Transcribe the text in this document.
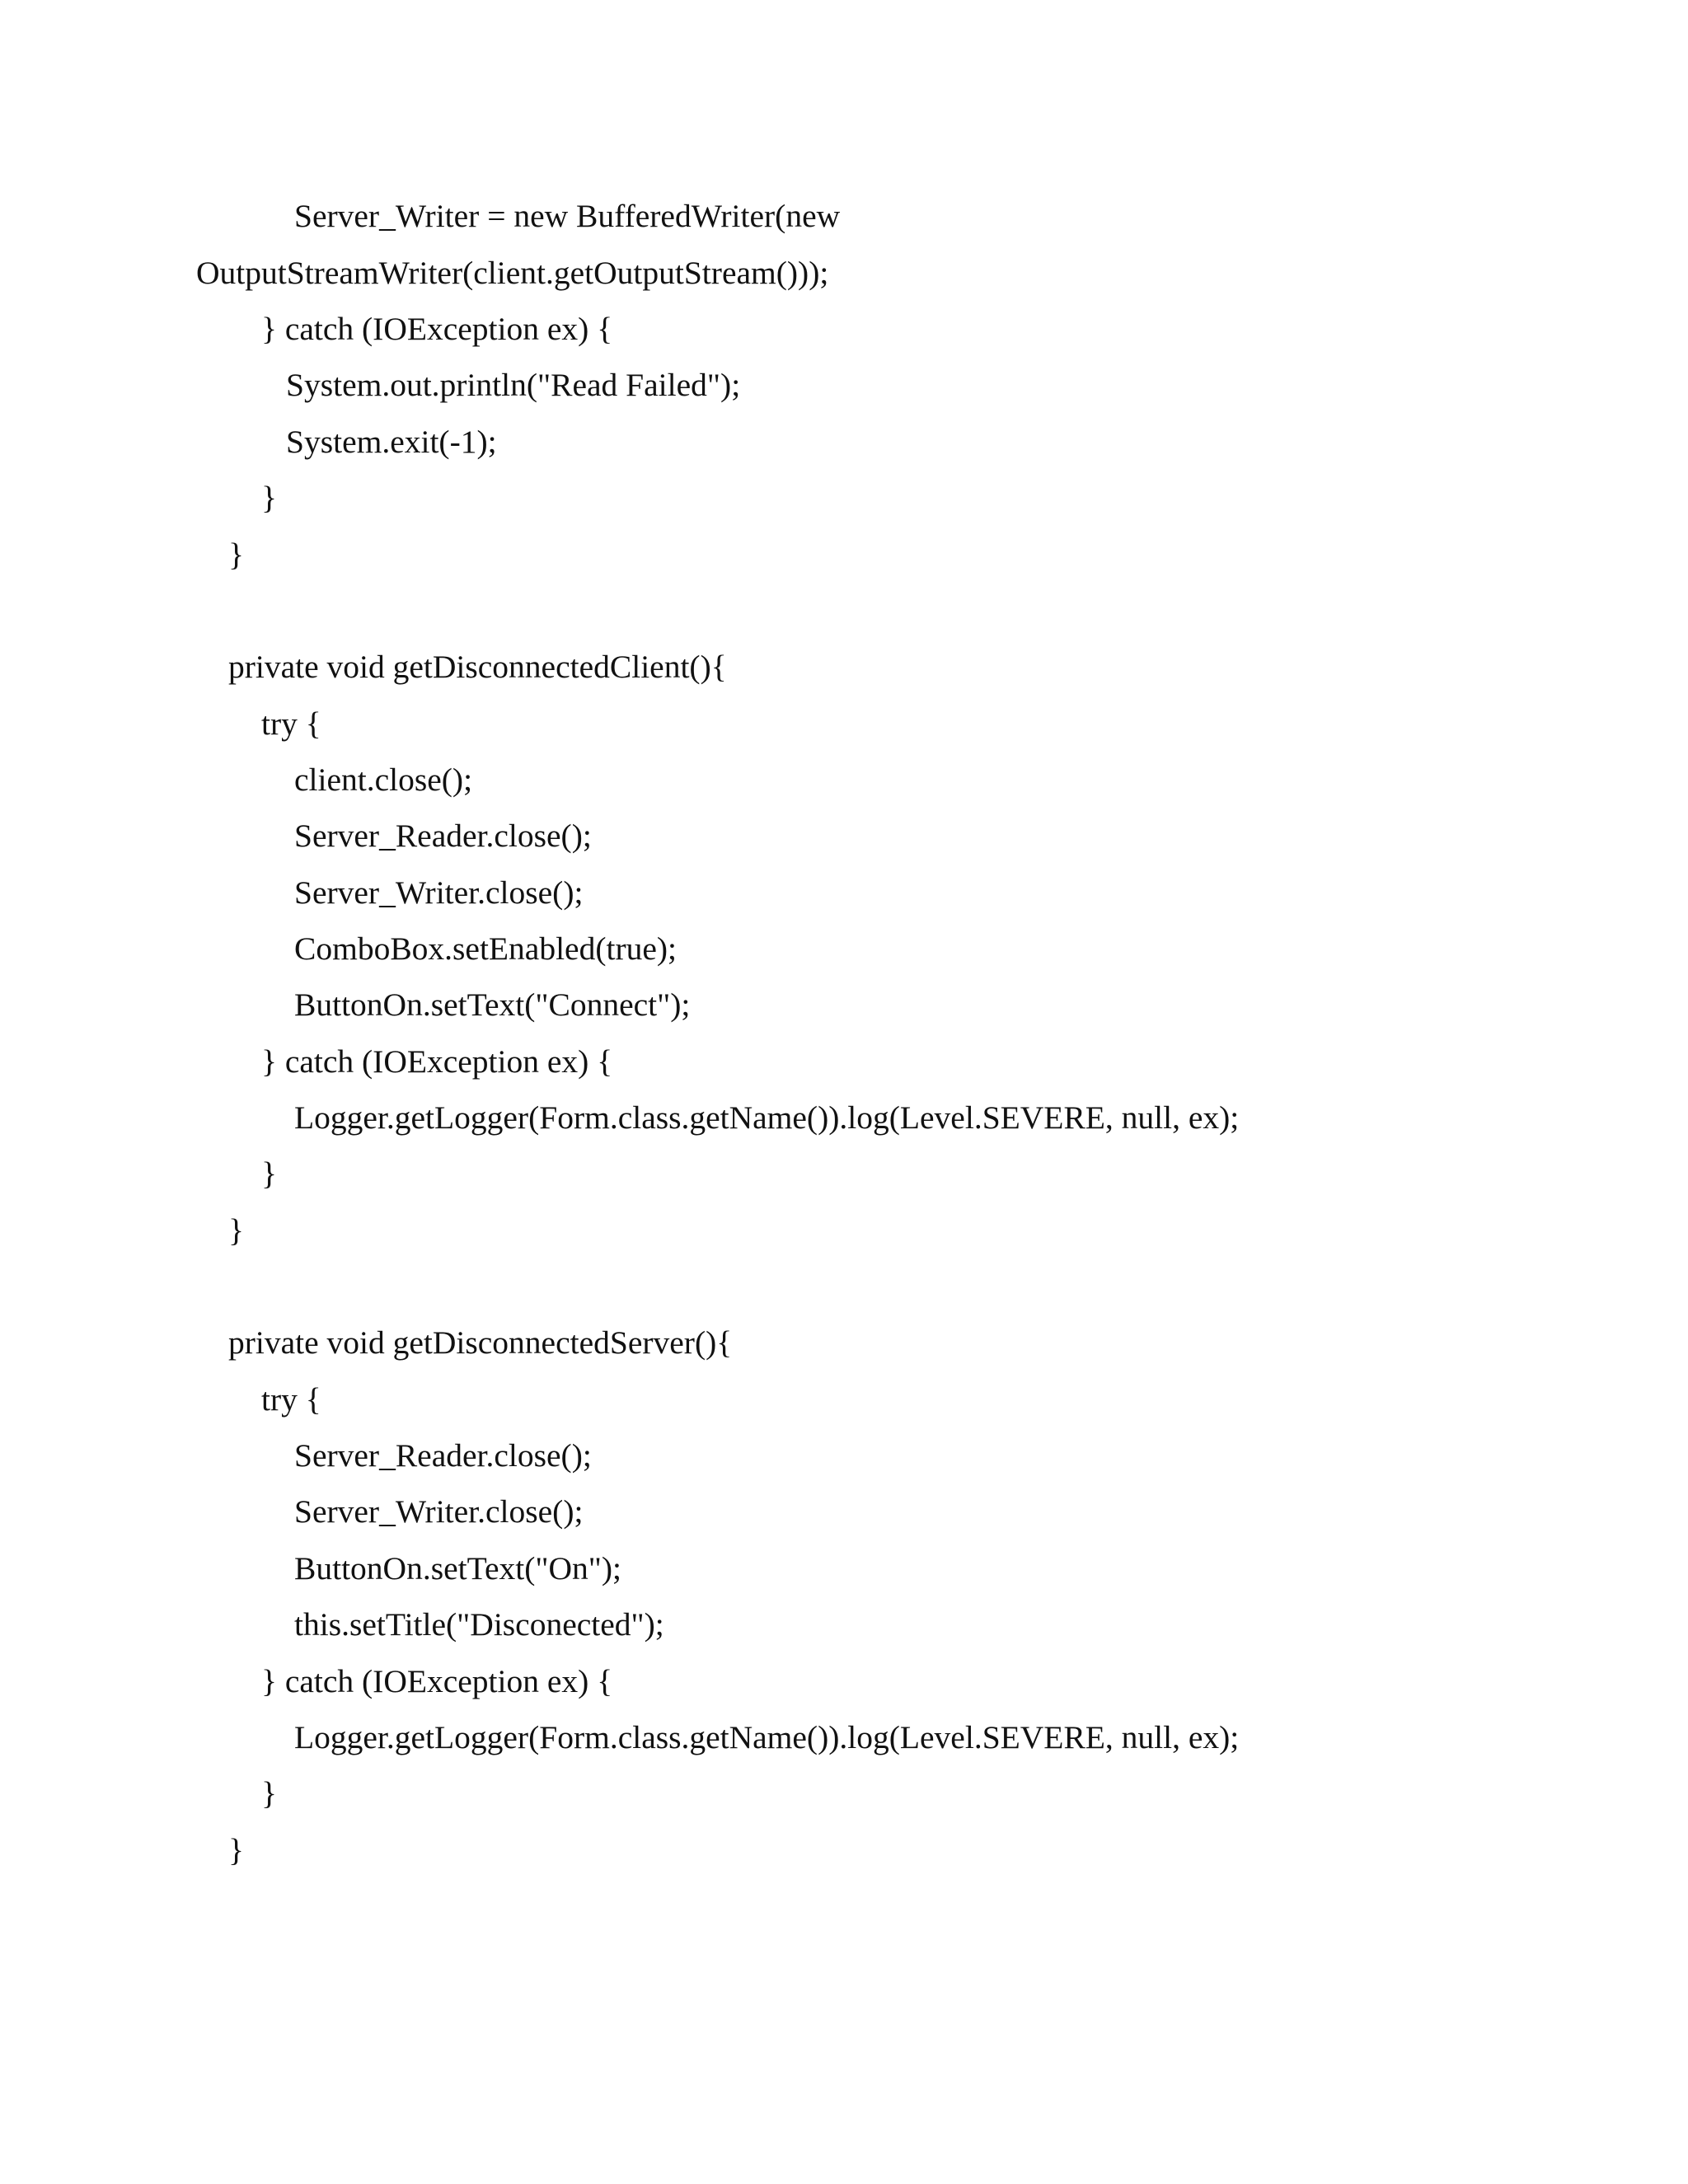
Server_Writer = new BufferedWriter(new
OutputStreamWriter(client.getOutputStream()));
} catch (IOException ex) {
System.out.println("Read Failed");
System.exit(-1);
}
}
private void getDisconnectedClient(){
try {
client.close();
Server_Reader.close();
Server_Writer.close();
ComboBox.setEnabled(true);
ButtonOn.setText("Connect");
} catch (IOException ex) {
Logger.getLogger(Form.class.getName()).log(Level.SEVERE, null, ex);
}
}
private void getDisconnectedServer(){
try {
Server_Reader.close();
Server_Writer.close();
ButtonOn.setText("On");
this.setTitle("Disconected");
} catch (IOException ex) {
Logger.getLogger(Form.class.getName()).log(Level.SEVERE, null, ex);
}
}
